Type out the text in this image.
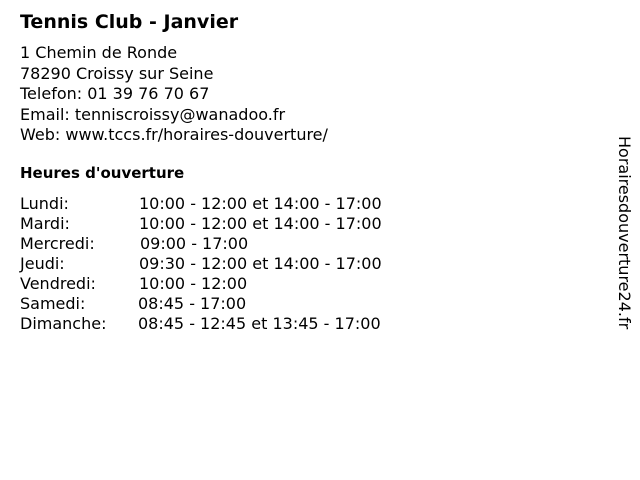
Tennis Club - Janvier
1 Chemin de Ronde
78290 Croissy sur Seine
Telefon: 01 39 76 70 67
Email: tenniscroissy@wanadoo.fr
Web: www.tccs.fr/horaires-douverture/
Heures d'ouverture
Lundi:	10:00 - 12:00 et 14:00 - 17:00
Mardi:	10:00 - 12:00 et 14:00 - 17:00
Mercredi:	09:00 - 17:00
Jeudi:	09:30 - 12:00 et 14:00 - 17:00
Vendredi:	10:00 - 12:00
Samedi:	08:45 - 17:00
Dimanche: 08:45 - 12:45 et 13:45 - 17:00	Horairesdouverture24.fr
